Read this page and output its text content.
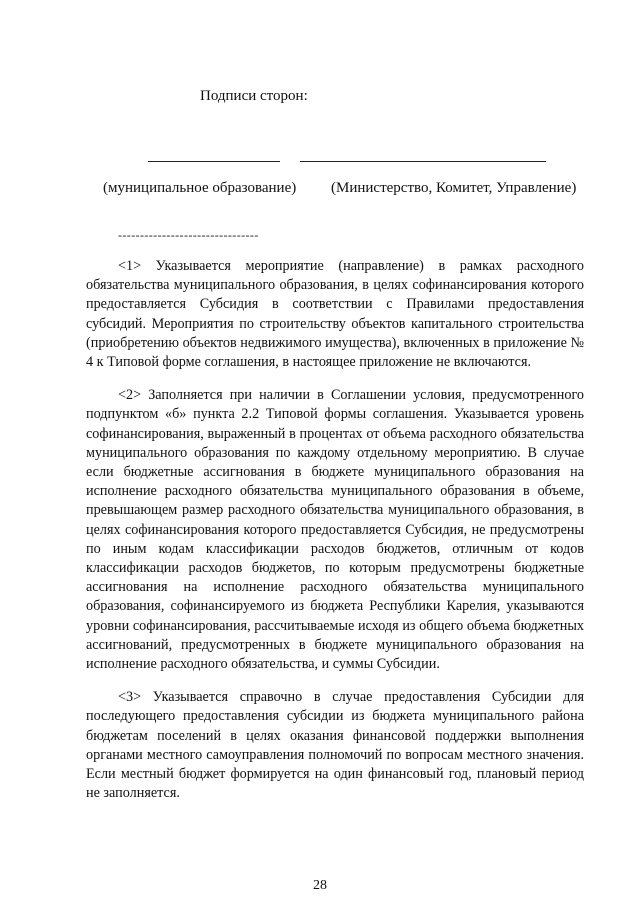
Подписи сторон:
(муниципальное образование) (Министерство, Комитет, Управление)
--------------------------------

<1> Указывается мероприятие (направление) в рамках расходного обязательства муниципального образования, в целях софинансирования которого предоставляется Субсидия в соответствии с Правилами предоставления субсидий. Мероприятия по строительству объектов капитального строительства (приобретению объектов недвижимого имущества), включенных в приложение № 4 к Типовой форме соглашения, в настоящее приложение не включаются.

<2> Заполняется при наличии в Соглашении условия, предусмотренного подпунктом «б» пункта 2.2 Типовой формы соглашения. Указывается уровень софинансирования, выраженный в процентах от объема расходного обязательства муниципального образования по каждому отдельному мероприятию. В случае если бюджетные ассигнования в бюджете муниципального образования на исполнение расходного обязательства муниципального образования в объеме, превышающем размер расходного обязательства муниципального образования, в целях софинансирования которого предоставляется Субсидия, не предусмотрены по иным кодам классификации расходов бюджетов, отличным от кодов классификации расходов бюджетов, по которым предусмотрены бюджетные ассигнования на исполнение расходного обязательства муниципального образования, софинансируемого из бюджета Республики Карелия, указываются уровни софинансирования, рассчитываемые исходя из общего объема бюджетных ассигнований, предусмотренных в бюджете муниципального образования на исполнение расходного обязательства, и суммы Субсидии.

<3> Указывается справочно в случае предоставления Субсидии для последующего предоставления субсидии из бюджета муниципального района бюджетам поселений в целях оказания финансовой поддержки выполнения органами местного самоуправления полномочий по вопросам местного значения. Если местный бюджет формируется на один финансовый год, плановый период не заполняется.

28
